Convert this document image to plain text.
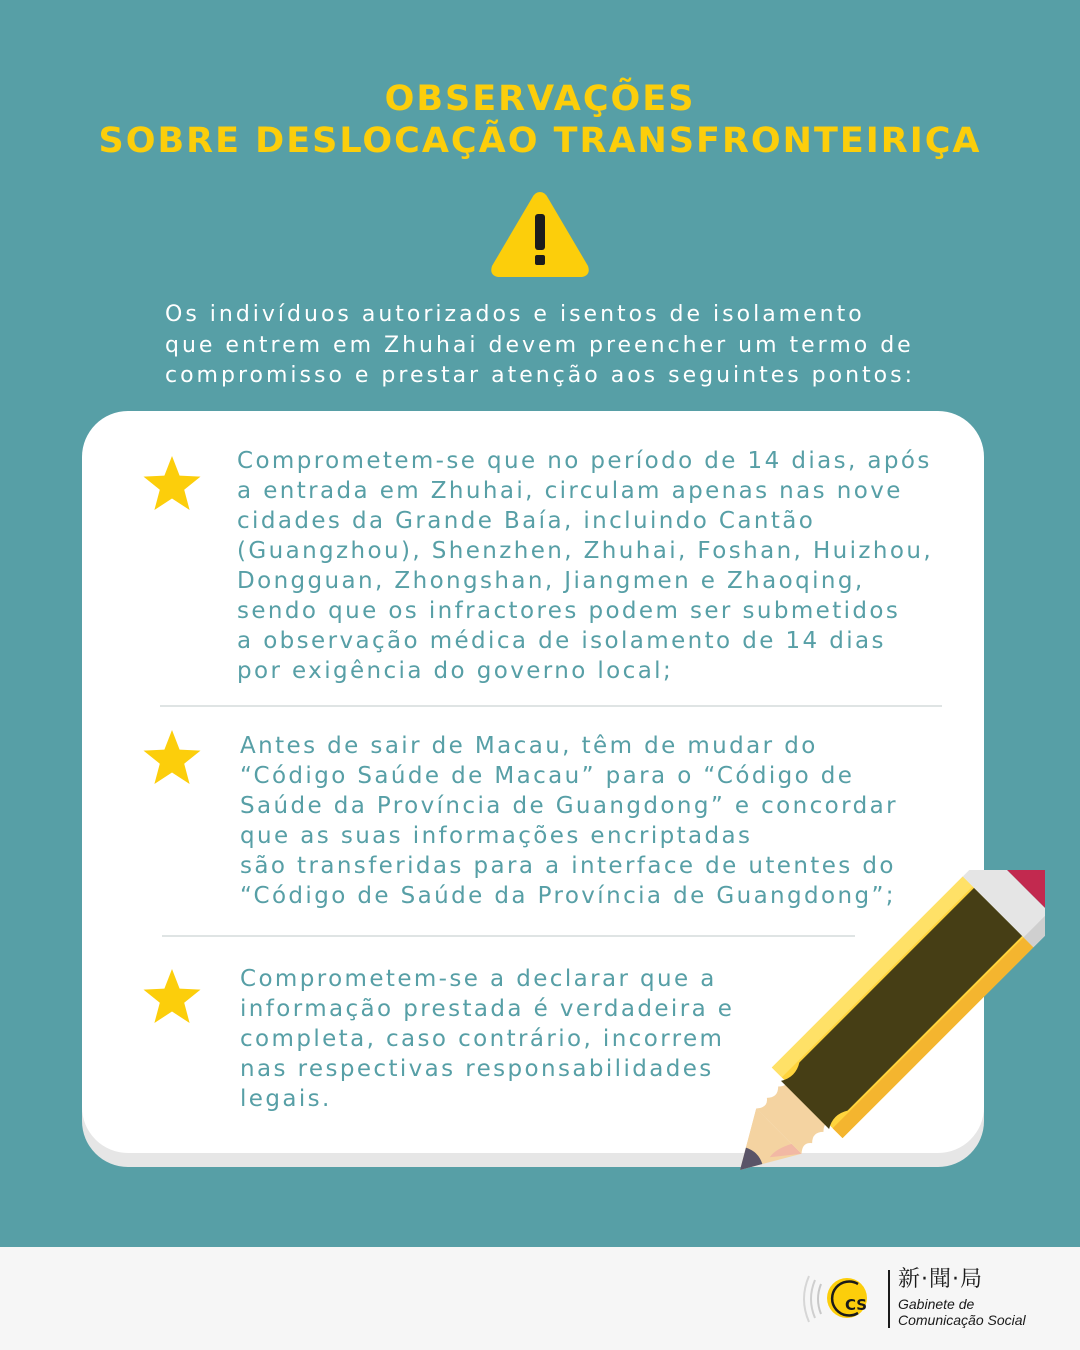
OBSERVAÇÕES
SOBRE DESLOCAÇÃO TRANSFRONTEIRIÇA
Os indivíduos autorizados e isentos de isolamento
que entrem em Zhuhai devem preencher um termo de
compromisso e prestar atenção aos seguintes pontos:
Comprometem-se que no período de 14 dias, após
a entrada em Zhuhai, circulam apenas nas nove
cidades da Grande Baía, incluindo Cantão
(Guangzhou), Shenzhen, Zhuhai, Foshan, Huizhou,
Dongguan, Zhongshan, Jiangmen e Zhaoqing,
sendo que os infractores podem ser submetidos
a observação médica de isolamento de 14 dias
por exigência do governo local;
Antes de sair de Macau, têm de mudar do
“Código Saúde de Macau” para o “Código de
Saúde da Província de Guangdong” e concordar
que as suas informações encriptadas
são transferidas para a interface de utentes do
“Código de Saúde da Província de Guangdong”;
Comprometem-se a declarar que a
informação prestada é verdadeira e
completa, caso contrário, incorrem
nas respectivas responsabilidades
legais.
CS
新·聞·局
Gabinete de
Comunicação Social
